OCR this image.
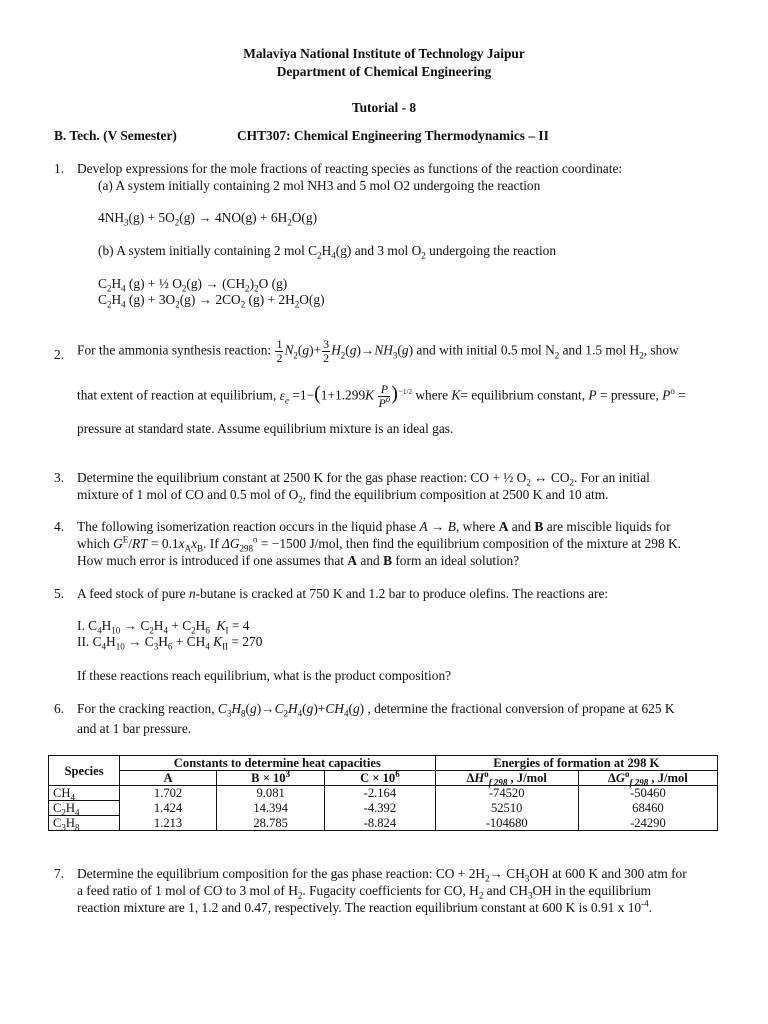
Malaviya National Institute of Technology Jaipur
Department of Chemical Engineering
Tutorial - 8
B. Tech. (V Semester)	CHT307: Chemical Engineering Thermodynamics – II
1. Develop expressions for the mole fractions of reacting species as functions of the reaction coordinate:
(a) A system initially containing 2 mol NH3 and 5 mol O2 undergoing the reaction
$4NH_3(g) + 5O_2(g) \to 4NO(g) + 6H_2O(g)$
(b) A system initially containing 2 mol $C_2H_4(g)$ and 3 mol $O_2$ undergoing the reaction
$C_2H_4$ (g) + ½ $O_2(g) \to (CH_2)_2O$ (g)
$C_2H_4$ $(g) + 3O_2(g) \to 2CO_2$ $(g) + 2H_2O(g)$
2. For the ammonia synthesis reaction: $\frac{1}{2} N_2(g)+ \frac{3}{2} H_2(g)\to NH_3(g)$ and with initial 0.5 mol $N_2$ and 1.5 mol $H_2$, show
that extent of reaction at equilibrium, $\varepsilon_e =1-(1+1.299K \frac{P}{P^o} )^{-1/2}$ where K= equilibrium constant, P = pressure, $P^o$ =
pressure at standard state. Assume equilibrium mixture is an ideal gas.
3. Determine the equilibrium constant at 2500 K for the gas phase reaction: CO + ½ $O_2$ ↔ $CO_2$. For an initial
mixture of 1 mol of CO and 0.5 mol of $O_2$, find the equilibrium composition at 2500 K and 10 atm.
4. The following isomerization reaction occurs in the liquid phase A → B, where A and B are miscible liquids for
which $G^E/RT = 0.1x_Ax_B$. If $\Delta G_{298}^o = -1500$ J/mol, then find the equilibrium composition of the mixture at 298 K.
How much error is introduced if one assumes that A and B form an ideal solution?
5. A feed stock of pure n-butane is cracked at 750 K and 1.2 bar to produce olefins. The reactions are:
I. $C_4H_{10} \to C_2H_4 + C_2H_6$ $K_I = 4$
II. $C_4H_{10} \to C_3H_6 + CH_4$ $K_{II} = 270$
If these reactions reach equilibrium, what is the product composition?
6. For the cracking reaction, $C_3H_8(g)\to C_2H_4(g)+CH_4(g)$ , determine the fractional conversion of propane at 625 K
and at 1 bar pressure.
Species	Constants to determine heat capacities			Energies of formation at 298 K	
	A	$B \times 10^3$	$C \times 10^6$	$\Delta H^o_{f 298}$ , J/mol	$\Delta G^o_{f 298}$ , J/mol
$CH_4$	1.702	9.081	-2.164	-74520	-50460
$C_2H_4$	1.424	14.394	-4.392	52510	68460
$C_3H_8$	1.213	28.785	-8.824	-104680	-24290
7. Determine the equilibrium composition for the gas phase reaction: CO + $2H_2\to CH_3OH$ at 600 K and 300 atm for
a feed ratio of 1 mol of CO to 3 mol of $H_2$. Fugacity coefficients for CO, $H_2$ and $CH_3OH$ in the equilibrium
reaction mixture are 1, 1.2 and 0.47, respectively. The reaction equilibrium constant at 600 K is 0.91 x $10^{-4}$.
